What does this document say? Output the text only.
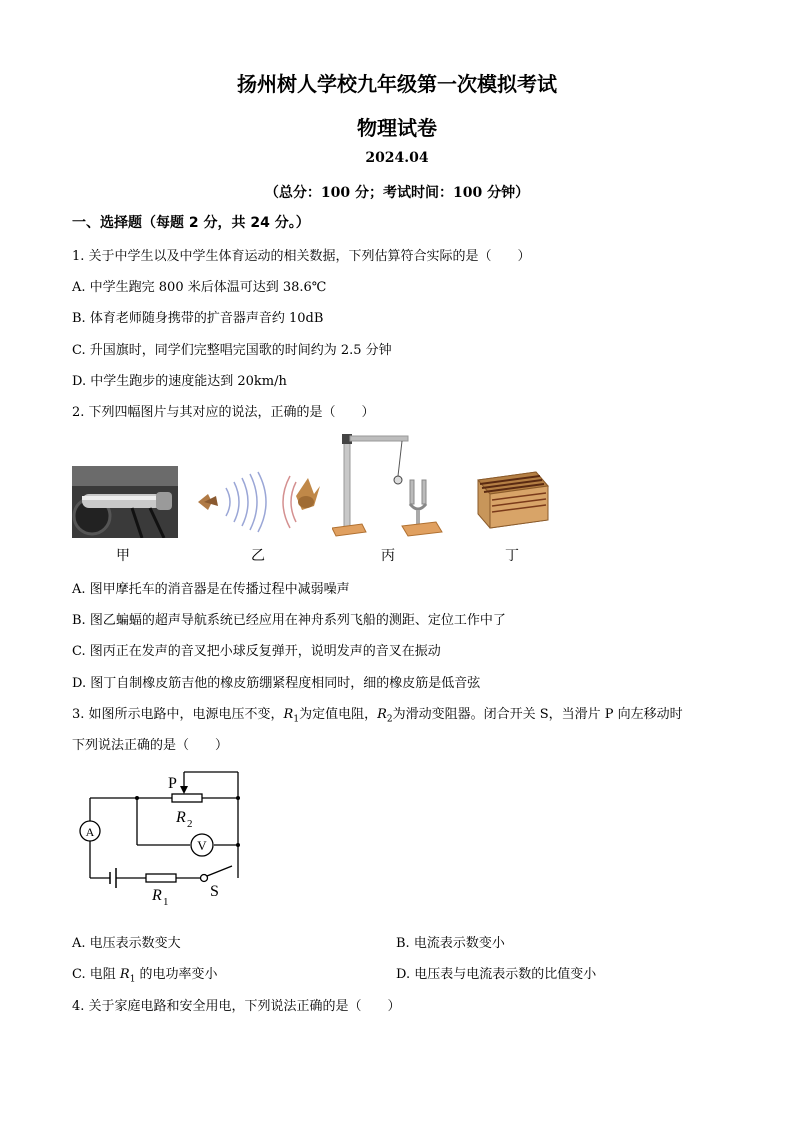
扬州树人学校九年级第一次模拟考试
物理试卷
2024.04
（总分：100 分；考试时间：100 分钟）
一、选择题（每题 2 分，共 24 分。）
1. 关于中学生以及中学生体育运动的相关数据，下列估算符合实际的是（　　）
A. 中学生跑完 800 米后体温可达到 38.6℃
B. 体育老师随身携带的扩音器声音约 10dB
C. 升国旗时，同学们完整唱完国歌的时间约为 2.5 分钟
D. 中学生跑步的速度能达到 20km/h
2. 下列四幅图片与其对应的说法，正确的是（　　）
甲	乙	丙	丁
A. 图甲摩托车的消音器是在传播过程中减弱噪声
B. 图乙蝙蝠的超声导航系统已经应用在神舟系列飞船的测距、定位工作中了
C. 图丙正在发声的音叉把小球反复弹开，说明发声的音叉在振动
D. 图丁自制橡皮筋吉他的橡皮筋绷紧程度相同时，细的橡皮筋是低音弦
3. 如图所示电路中，电源电压不变，$R_1$为定值电阻，$R_2$为滑动变阻器。闭合开关 S，当滑片 P 向左移动时
下列说法正确的是（　　）
A
V
P
R 2
R 1
S
A. 电压表示数变大	B. 电流表示数变小
C. 电阻 $R_1$ 的电功率变小	D. 电压表与电流表示数的比值变小
4. 关于家庭电路和安全用电，下列说法正确的是（　　）
